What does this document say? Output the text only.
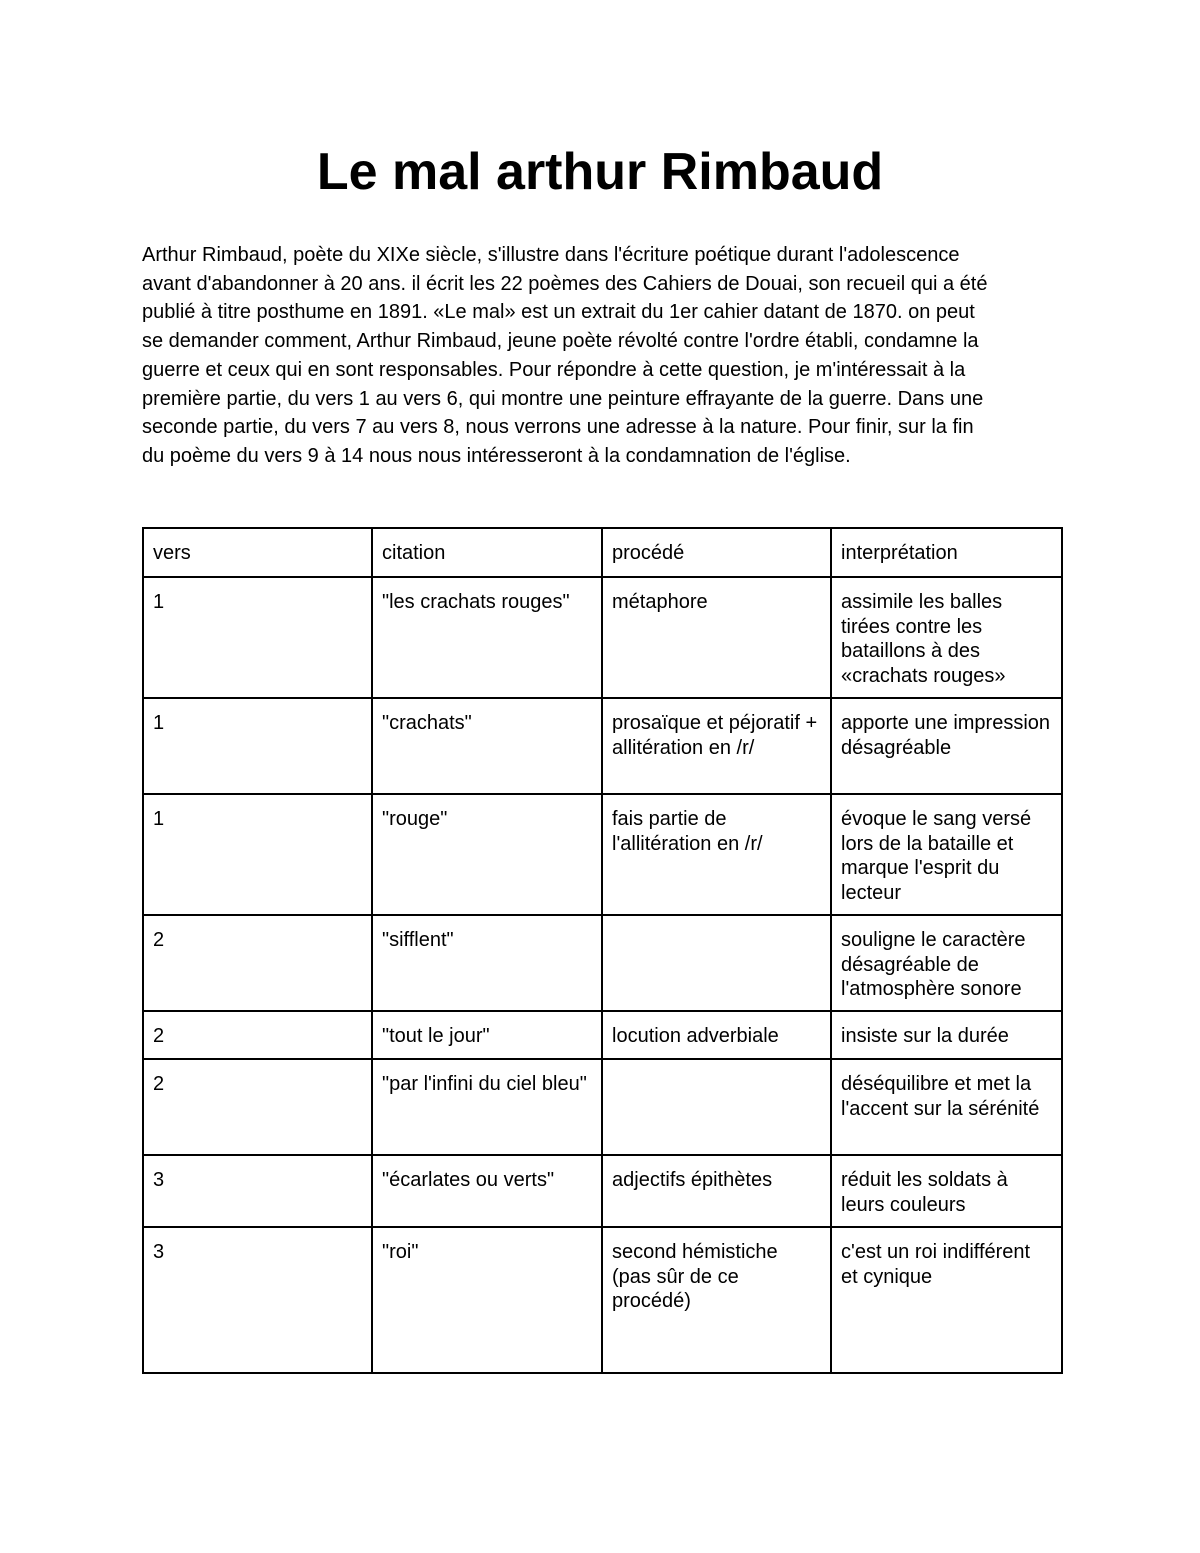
Le mal arthur Rimbaud

Arthur Rimbaud, poète du XIXe siècle, s'illustre dans l'écriture poétique durant l'adolescence
avant d'abandonner à 20 ans. il écrit les 22 poèmes des Cahiers de Douai, son recueil qui a été
publié à titre posthume en 1891. «Le mal» est un extrait du 1er cahier datant de 1870. on peut
se demander comment, Arthur Rimbaud, jeune poète révolté contre l'ordre établi, condamne la
guerre et ceux qui en sont responsables. Pour répondre à cette question, je m'intéressait à la
première partie, du vers 1 au vers 6, qui montre une peinture effrayante de la guerre. Dans une
seconde partie, du vers 7 au vers 8, nous verrons une adresse à la nature. Pour finir, sur la fin
du poème du vers 9 à 14 nous nous intéresseront à la condamnation de l'église.

vers	citation	procédé	interprétation
1	"les crachats rouges"	métaphore	assimile les balles tirées contre les bataillons à des «crachats rouges»
1	"crachats"	prosaïque et péjoratif + allitération en /r/	apporte une impression désagréable
1	"rouge"	fais partie de l'allitération en /r/	évoque le sang versé lors de la bataille et marque l'esprit du lecteur
2	"sifflent"		souligne le caractère désagréable de l'atmosphère sonore
2	"tout le jour"	locution adverbiale	insiste sur la durée
2	"par l'infini du ciel bleu"		déséquilibre et met la l'accent sur la sérénité
3	"écarlates ou verts"	adjectifs épithètes	réduit les soldats à leurs couleurs
3	"roi"	second hémistiche (pas sûr de ce procédé)	c'est un roi indifférent et cynique
